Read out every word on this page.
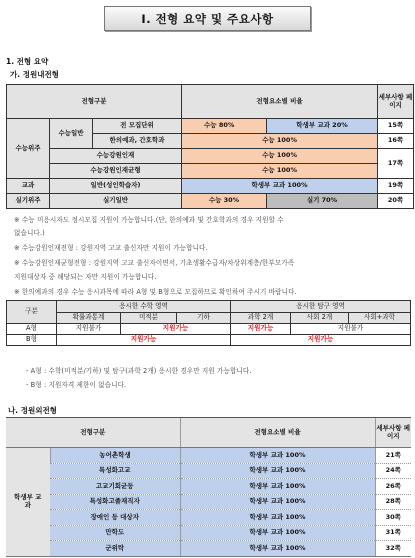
Ⅰ. 전형 요약 및 주요사항
1. 전형 요약
가. 정원내전형
전형구분			전형요소별 비율		세부사항 페이지
수능위주	수능일반	전 모집단위	수능 80%	학생부 교과 20%	15쪽
		한의예과, 간호학과	수능 100%		16쪽
	수능강원인재		수능 100%		17쪽
	수능강원인재균형		수능 100%		
교과	일반(성인학습자)		학생부 교과 100%		19쪽
실기위주	실기일반		수능 30%	실기 70%	20쪽
※ 수능 미응시자도 정시모집 지원이 가능합니다.(단, 한의예과 및 간호학과의 경우 지원할 수
없습니다.)
※ 수능강원인재전형 : 강원지역 고교 출신자만 지원이 가능합니다.
※ 수능강원인재균형전형 : 강원지역 고교 출신자이면서, 기초생활수급자/차상위계층/한부모가족
지원대상자 중 해당되는 자만 지원이 가능합니다.
※ 한의예과의 경우 수능 응시과목에 따라 A형 및 B형으로 모집하므로 확인하여 주시기 바랍니다.
구분	응시한 수학 영역			응시한 탐구 영역		
	확률과통계	미적분	기하	과학 2개	사회 2개	사회+과학
A형	지원불가	지원가능		지원가능	지원불가	
B형	지원가능			지원가능		
- A형 : 수학(미적분/기하) 및 탐구(과학 2개) 응시한 경우만 지원 가능합니다.
- B형 : 지원자격 제한이 없습니다.
나. 정원외전형
전형구분		전형요소별 비율	세부사항 페이지
학생부 교과	농어촌학생	학생부 교과 100%	21쪽
	특성화고교	학생부 교과 100%	24쪽
	고교기회균등	학생부 교과 100%	26쪽
	특성화고졸재직자	학생부 교과 100%	28쪽
	장애인 등 대상자	학생부 교과 100%	30쪽
	만학도	학생부 교과 100%	31쪽
	군위탁	학생부 교과 100%	32쪽
